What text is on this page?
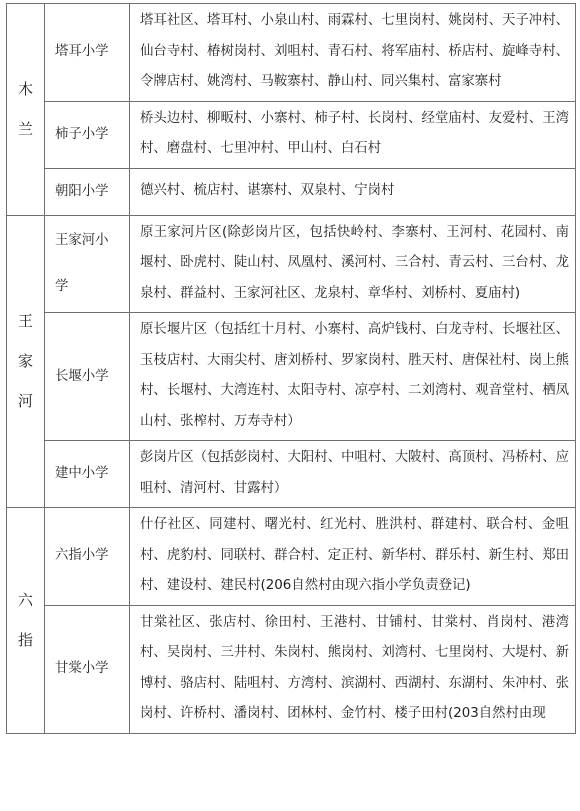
木
兰	塔耳小学	塔耳社区、塔耳村、小泉山村、雨霖村、七里岗村、姚岗村、天子冲村、仙台寺村、椿树岗村、刘咀村、青石村、将军庙村、桥店村、旋峰寺村、令牌店村、姚湾村、马鞍寨村、静山村、同兴集村、富家寨村
	柿子小学	桥头边村、柳畈村、小寨村、柿子村、长岗村、经堂庙村、友爱村、王湾村、磨盘村、七里冲村、甲山村、白石村
	朝阳小学	德兴村、梳店村、谌寨村、双泉村、宁岗村

王
家
河	王家河小学	原王家河片区(除彭岗片区，包括快岭村、李寨村、王河村、花园村、南堰村、卧虎村、陡山村、凤凰村、溪河村、三合村、青云村、三台村、龙泉村、群益村、王家河社区、龙泉村、章华村、刘桥村、夏庙村)
	长堰小学	原长堰片区（包括红十月村、小寨村、高炉钱村、白龙寺村、长堰社区、玉枝店村、大雨尖村、唐刘桥村、罗家岗村、胜天村、唐保社村、岗上熊村、长堰村、大湾连村、太阳寺村、凉亭村、二刘湾村、观音堂村、栖凤山村、张榨村、万寿寺村）
	建中小学	彭岗片区（包括彭岗村、大阳村、中咀村、大陂村、高顶村、冯桥村、应咀村、清河村、甘露村）

六
指	六指小学	什仔社区、同建村、曙光村、红光村、胜洪村、群建村、联合村、金咀村、虎豹村、同联村、群合村、定正村、新华村、群乐村、新生村、郑田村、建设村、建民村(206自然村由现六指小学负责登记)
	甘棠小学	甘棠社区、张店村、徐田村、王港村、甘铺村、甘棠村、肖岗村、港湾村、吴岗村、三井村、朱岗村、熊岗村、刘湾村、七里岗村、大堤村、新博村、骆店村、陆咀村、方湾村、滨湖村、西湖村、东湖村、朱冲村、张岗村、许桥村、潘岗村、团林村、金竹村、楼子田村(203自然村由现
